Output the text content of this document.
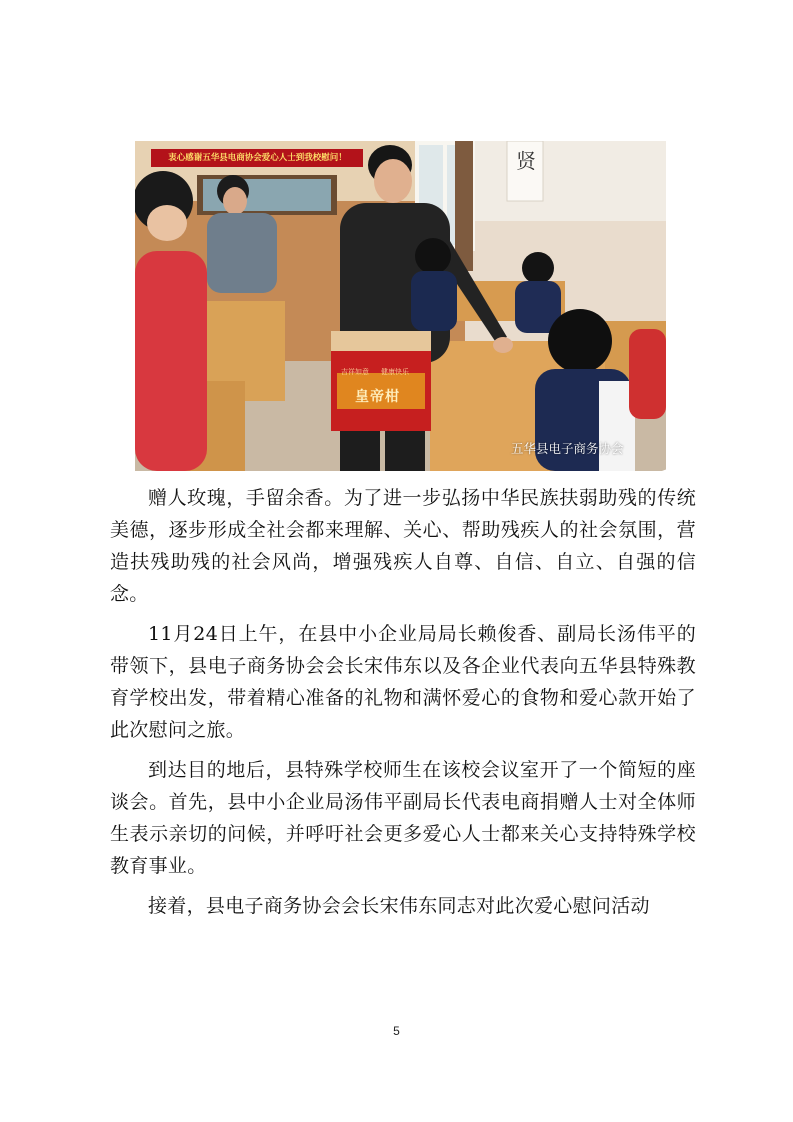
衷心感谢五华县电商协会爱心人士到我校慰问！	贤
吉祥如意 健康快乐
皇帝柑
五华县电子商务协会

赠人玫瑰，手留余香。为了进一步弘扬中华民族扶弱助残的传统美德，逐步形成全社会都来理解、关心、帮助残疾人的社会氛围，营造扶残助残的社会风尚，增强残疾人自尊、自信、自立、自强的信念。

11月24日上午，在县中小企业局局长赖俊香、副局长汤伟平的带领下，县电子商务协会会长宋伟东以及各企业代表向五华县特殊教育学校出发，带着精心准备的礼物和满怀爱心的食物和爱心款开始了此次慰问之旅。

到达目的地后，县特殊学校师生在该校会议室开了一个简短的座谈会。首先，县中小企业局汤伟平副局长代表电商捐赠人士对全体师生表示亲切的问候，并呼吁社会更多爱心人士都来关心支持特殊学校教育事业。

接着，县电子商务协会会长宋伟东同志对此次爱心慰问活动

5
